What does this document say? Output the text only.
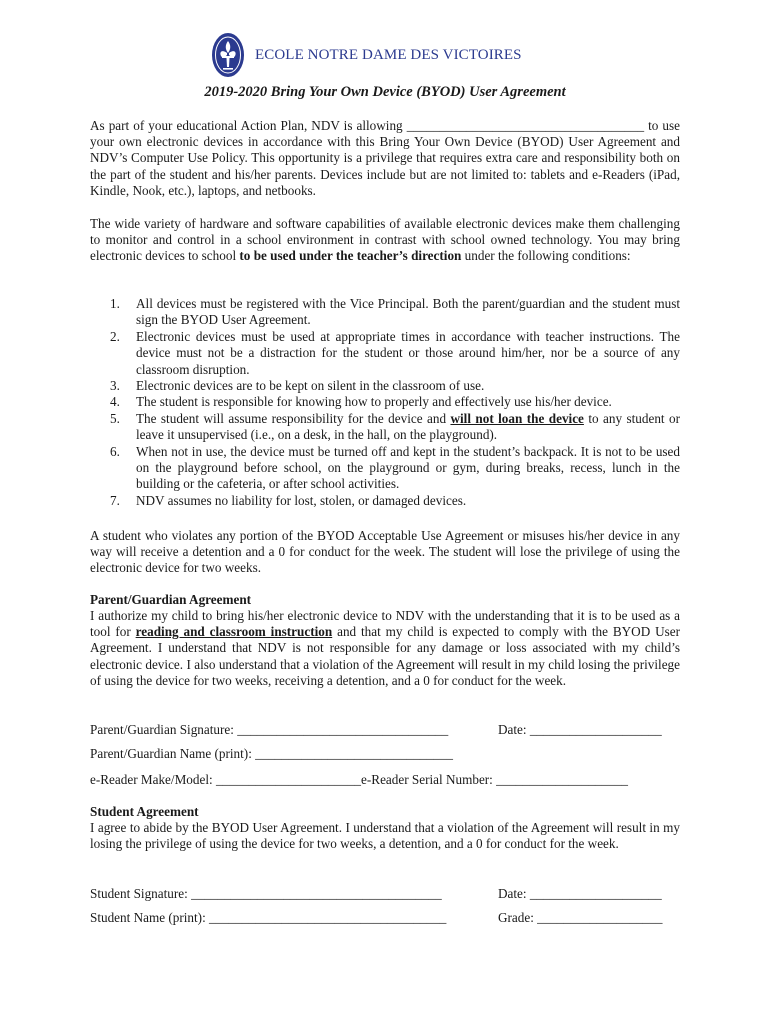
ECOLE NOTRE DAME DES VICTOIRES
2019-2020 Bring Your Own Device (BYOD) User Agreement

As part of your educational Action Plan, NDV is allowing ____________________________________ to use your own electronic devices in accordance with this Bring Your Own Device (BYOD) User Agreement and NDV’s Computer Use Policy. This opportunity is a privilege that requires extra care and responsibility both on the part of the student and his/her parents. Devices include but are not limited to: tablets and e-Readers (iPad, Kindle, Nook, etc.), laptops, and netbooks.

The wide variety of hardware and software capabilities of available electronic devices make them challenging to monitor and control in a school environment in contrast with school owned technology. You may bring electronic devices to school to be used under the teacher’s direction under the following conditions:

1. All devices must be registered with the Vice Principal. Both the parent/guardian and the student must sign the BYOD User Agreement.
2. Electronic devices must be used at appropriate times in accordance with teacher instructions. The device must not be a distraction for the student or those around him/her, nor be a source of any classroom disruption.
3. Electronic devices are to be kept on silent in the classroom of use.
4. The student is responsible for knowing how to properly and effectively use his/her device.
5. The student will assume responsibility for the device and will not loan the device to any student or leave it unsupervised (i.e., on a desk, in the hall, on the playground).
6. When not in use, the device must be turned off and kept in the student’s backpack. It is not to be used on the playground before school, on the playground or gym, during breaks, recess, lunch in the building or the cafeteria, or after school activities.
7. NDV assumes no liability for lost, stolen, or damaged devices.

A student who violates any portion of the BYOD Acceptable Use Agreement or misuses his/her device in any way will receive a detention and a 0 for conduct for the week. The student will lose the privilege of using the electronic device for two weeks.

Parent/Guardian Agreement

I authorize my child to bring his/her electronic device to NDV with the understanding that it is to be used as a tool for reading and classroom instruction and that my child is expected to comply with the BYOD User Agreement. I understand that NDV is not responsible for any damage or loss associated with my child’s electronic device. I also understand that a violation of the Agreement will result in my child losing the privilege of using the device for two weeks, receiving a detention, and a 0 for conduct for the week.

Parent/Guardian Signature: ________________________________	Date: ____________________
Parent/Guardian Name (print): ______________________________
e-Reader Make/Model: ______________________e-Reader Serial Number: ____________________
Student Agreement

I agree to abide by the BYOD User Agreement. I understand that a violation of the Agreement will result in my losing the privilege of using the device for two weeks, a detention, and a 0 for conduct for the week.

Student Signature: ______________________________________	Date: ____________________
Student Name (print): ____________________________________	Grade: ___________________
